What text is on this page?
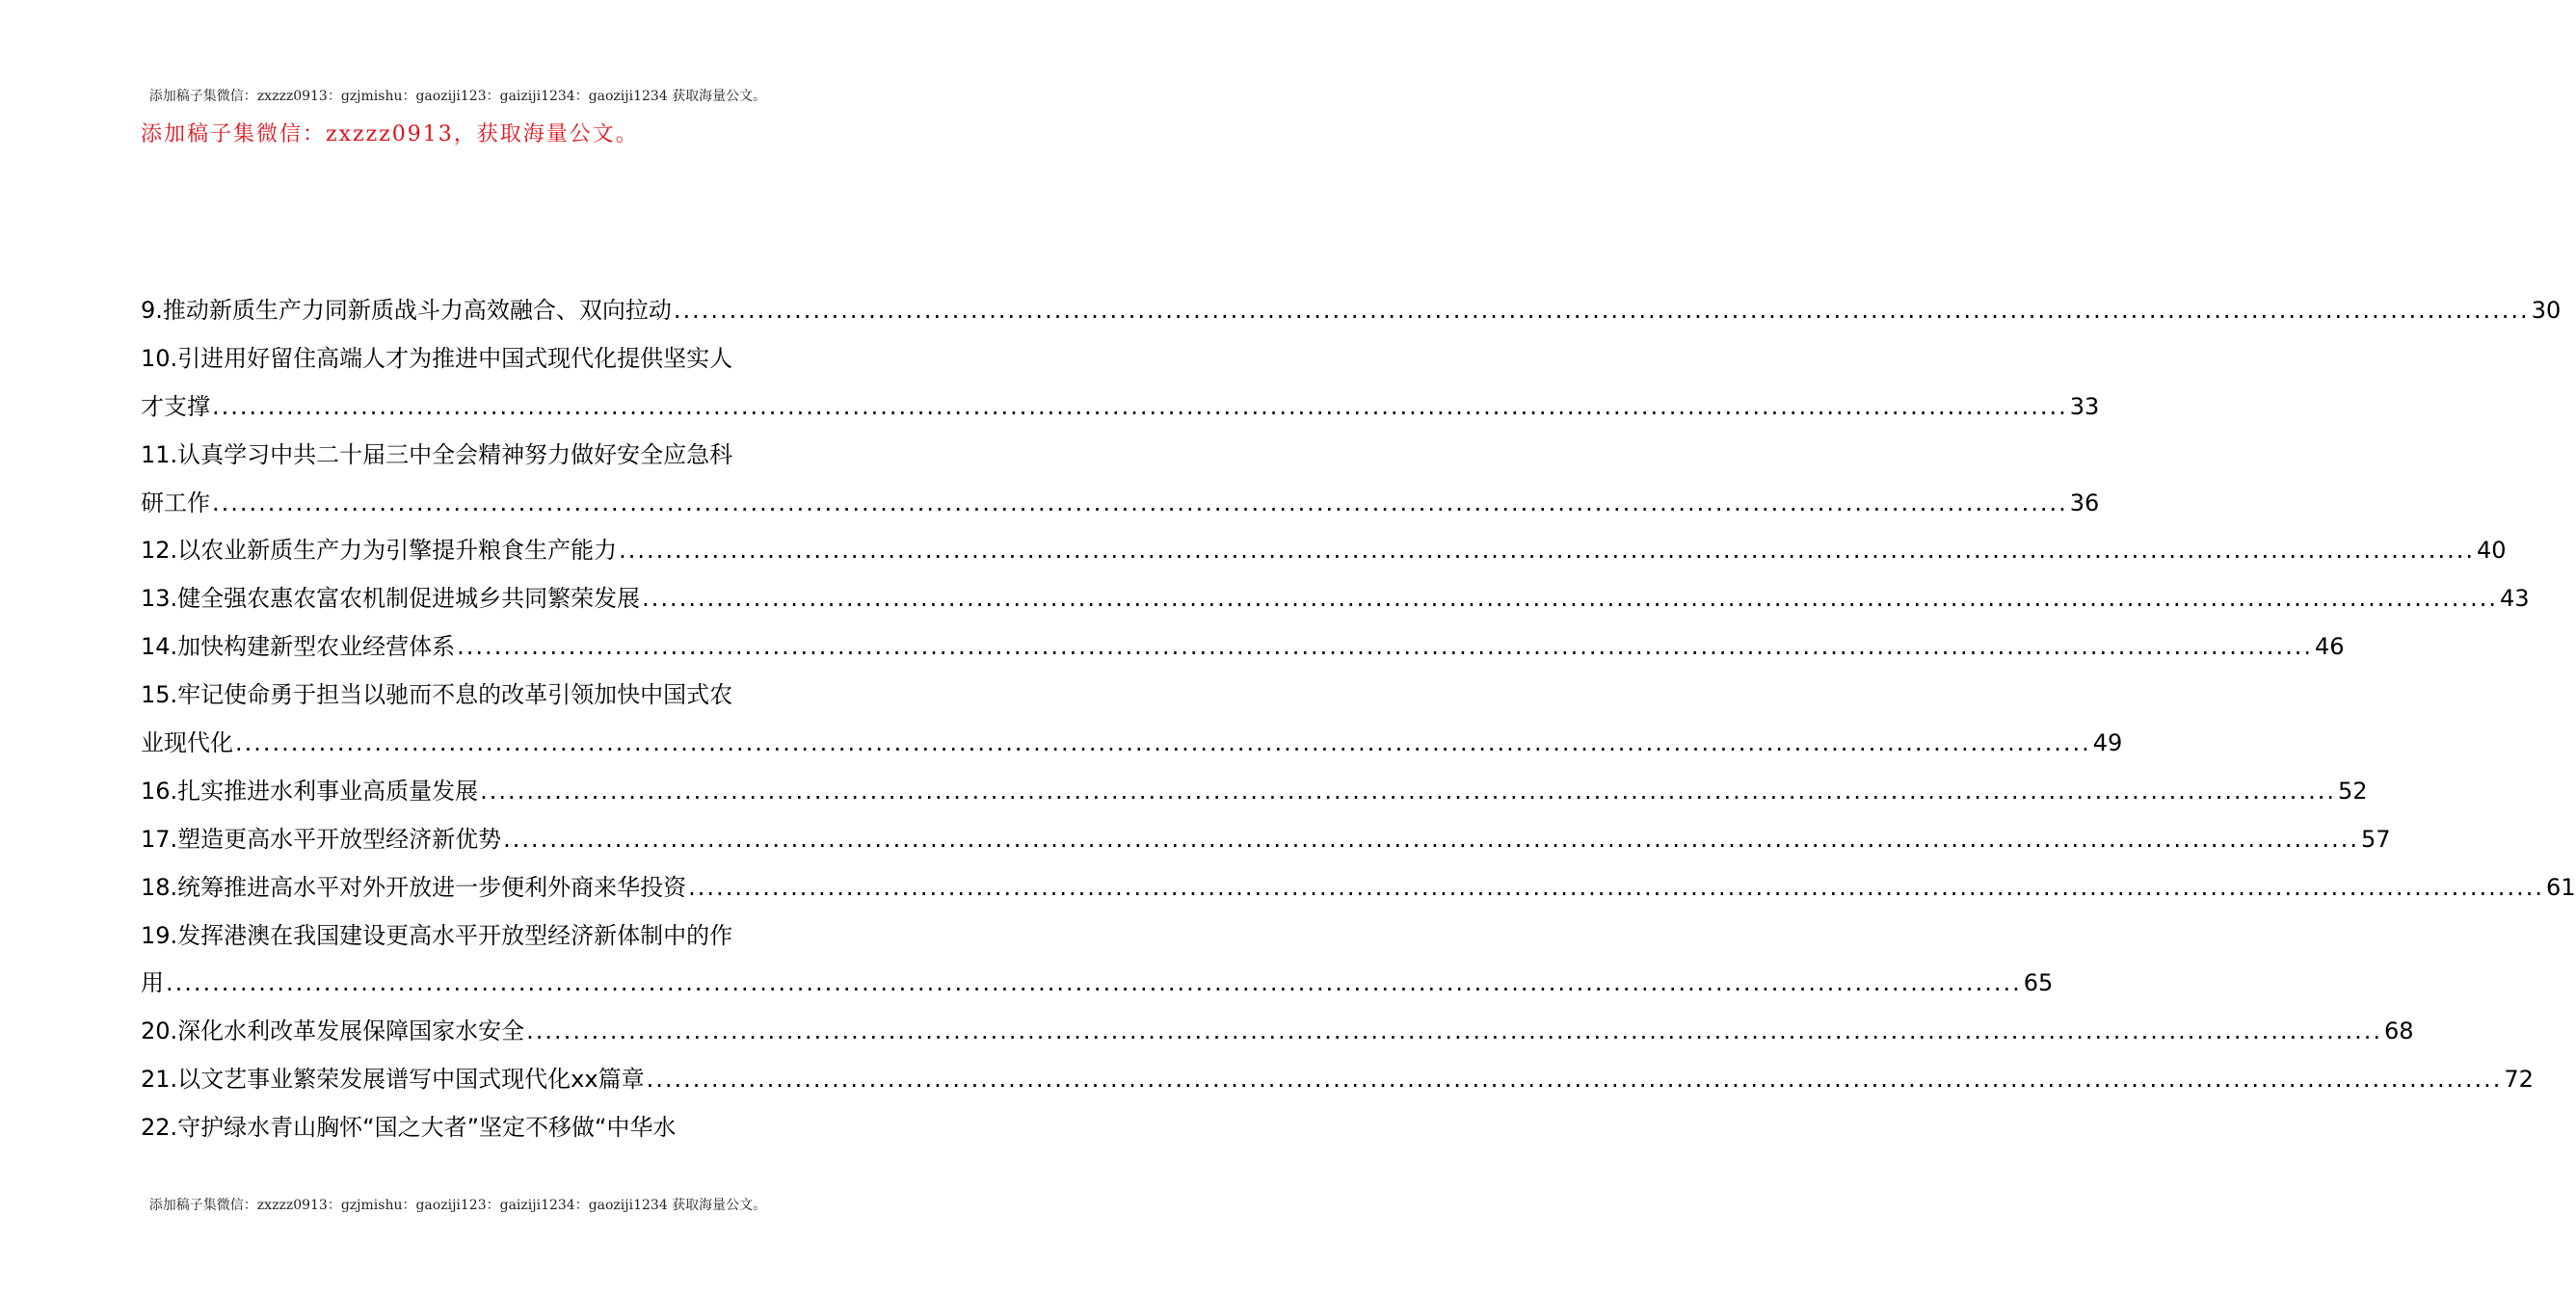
添加稿子集微信：zxzzz0913：gzjmishu：gaoziji123：gaiziji1234：gaoziji1234 获取海量公文。
添加稿子集微信：zxzzz0913，获取海量公文。
9.推动新质生产力同新质战斗力高效融合、双向拉动 ........................................................................................................................................................................................................ 30
10.引进用好留住高端人才为推进中国式现代化提供坚实人
才支撑 ........................................................................................................................................................................................................ 33
11.认真学习中共二十届三中全会精神努力做好安全应急科
研工作 ........................................................................................................................................................................................................ 36
12.以农业新质生产力为引擎提升粮食生产能力 ........................................................................................................................................................................................................ 40
13.健全强农惠农富农机制促进城乡共同繁荣发展 ........................................................................................................................................................................................................ 43
14.加快构建新型农业经营体系 ........................................................................................................................................................................................................ 46
15.牢记使命勇于担当以驰而不息的改革引领加快中国式农
业现代化 ........................................................................................................................................................................................................ 49
16.扎实推进水利事业高质量发展 ........................................................................................................................................................................................................ 52
17.塑造更高水平开放型经济新优势 ........................................................................................................................................................................................................ 57
18.统筹推进高水平对外开放进一步便利外商来华投资 ........................................................................................................................................................................................................ 61
19.发挥港澳在我国建设更高水平开放型经济新体制中的作
用 ........................................................................................................................................................................................................ 65
20.深化水利改革发展保障国家水安全 ........................................................................................................................................................................................................ 68
21.以文艺事业繁荣发展谱写中国式现代化xx篇章 ........................................................................................................................................................................................................ 72
22.守护绿水青山胸怀“国之大者”坚定不移做“中华水
添加稿子集微信：zxzzz0913：gzjmishu：gaoziji123：gaiziji1234：gaoziji1234 获取海量公文。
